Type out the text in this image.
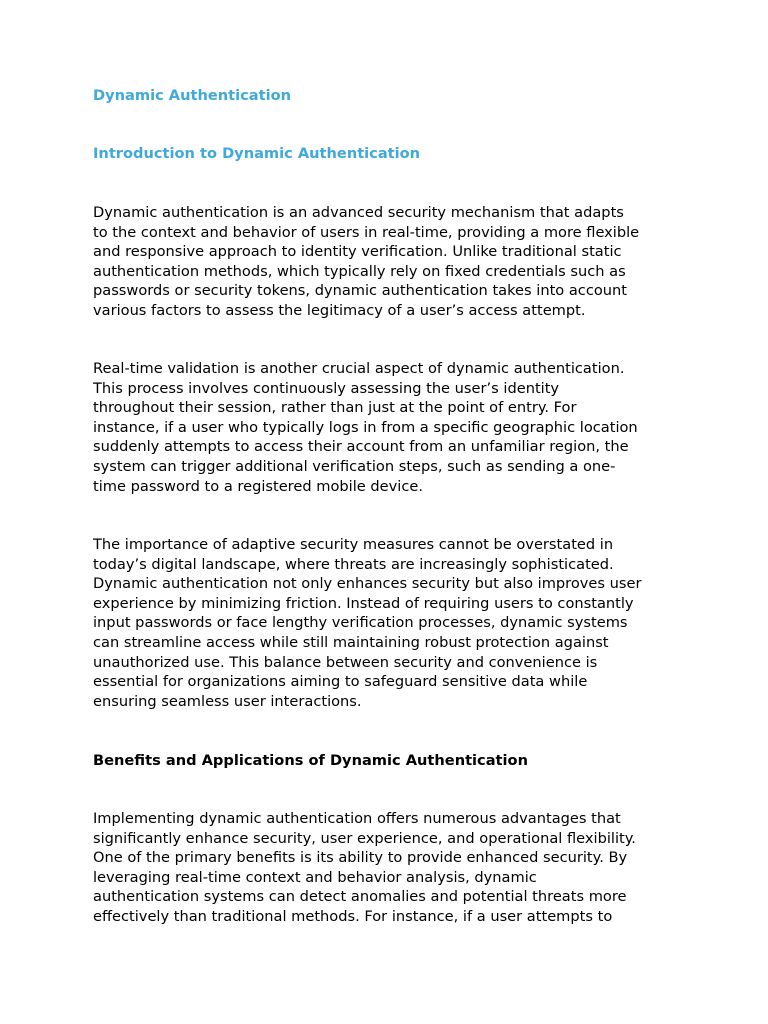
Dynamic Authentication
Introduction to Dynamic Authentication

Dynamic authentication is an advanced security mechanism that adapts
to the context and behavior of users in real-time, providing a more flexible
and responsive approach to identity verification. Unlike traditional static
authentication methods, which typically rely on fixed credentials such as
passwords or security tokens, dynamic authentication takes into account
various factors to assess the legitimacy of a user’s access attempt.

Real-time validation is another crucial aspect of dynamic authentication.
This process involves continuously assessing the user’s identity
throughout their session, rather than just at the point of entry. For
instance, if a user who typically logs in from a specific geographic location
suddenly attempts to access their account from an unfamiliar region, the
system can trigger additional verification steps, such as sending a one-
time password to a registered mobile device.

The importance of adaptive security measures cannot be overstated in
today’s digital landscape, where threats are increasingly sophisticated.
Dynamic authentication not only enhances security but also improves user
experience by minimizing friction. Instead of requiring users to constantly
input passwords or face lengthy verification processes, dynamic systems
can streamline access while still maintaining robust protection against
unauthorized use. This balance between security and convenience is
essential for organizations aiming to safeguard sensitive data while
ensuring seamless user interactions.

Benefits and Applications of Dynamic Authentication

Implementing dynamic authentication offers numerous advantages that
significantly enhance security, user experience, and operational flexibility.
One of the primary benefits is its ability to provide enhanced security. By
leveraging real-time context and behavior analysis, dynamic
authentication systems can detect anomalies and potential threats more
effectively than traditional methods. For instance, if a user attempts to
